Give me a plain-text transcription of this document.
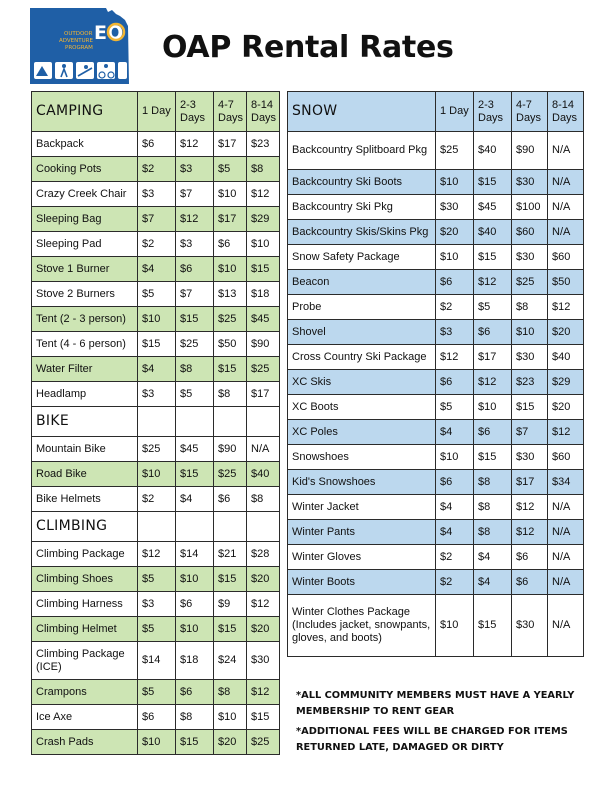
EO
OUTDOOR
ADVENTURE
PROGRAM OAP Rental Rates
CAMPING	1 Day	2-3 Days	4-7 Days	8-14 Days
Backpack	$6	$12	$17	$23
Cooking Pots	$2	$3	$5	$8
Crazy Creek Chair	$3	$7	$10	$12
Sleeping Bag	$7	$12	$17	$29
Sleeping Pad	$2	$3	$6	$10
Stove 1 Burner	$4	$6	$10	$15
Stove 2 Burners	$5	$7	$13	$18
Tent (2 - 3 person)	$10	$15	$25	$45
Tent (4 - 6 person)	$15	$25	$50	$90
Water Filter	$4	$8	$15	$25
Headlamp	$3	$5	$8	$17
BIKE				
Mountain Bike	$25	$45	$90	N/A
Road Bike	$10	$15	$25	$40
Bike Helmets	$2	$4	$6	$8
CLIMBING				
Climbing Package	$12	$14	$21	$28
Climbing Shoes	$5	$10	$15	$20
Climbing Harness	$3	$6	$9	$12
Climbing Helmet	$5	$10	$15	$20
Climbing Package (ICE)	$14	$18	$24	$30
Crampons	$5	$6	$8	$12
Ice Axe	$6	$8	$10	$15
Crash Pads	$10	$15	$20	$25
SNOW	1 Day	2-3 Days	4-7 Days	8-14 Days
Backcountry Splitboard Pkg	$25	$40	$90	N/A
Backcountry Ski Boots	$10	$15	$30	N/A
Backcountry Ski Pkg	$30	$45	$100	N/A
Backcountry Skis/Skins Pkg	$20	$40	$60	N/A
Snow Safety Package	$10	$15	$30	$60
Beacon	$6	$12	$25	$50
Probe	$2	$5	$8	$12
Shovel	$3	$6	$10	$20
Cross Country Ski Package	$12	$17	$30	$40
XC Skis	$6	$12	$23	$29
XC Boots	$5	$10	$15	$20
XC Poles	$4	$6	$7	$12
Snowshoes	$10	$15	$30	$60
Kid's Snowshoes	$6	$8	$17	$34
Winter Jacket	$4	$8	$12	N/A
Winter Pants	$4	$8	$12	N/A
Winter Gloves	$2	$4	$6	N/A
Winter Boots	$2	$4	$6	N/A
Winter Clothes Package (Includes jacket, snowpants, gloves, and boots)	$10	$15	$30	N/A

*ALL COMMUNITY MEMBERS MUST HAVE A YEARLY MEMBERSHIP TO RENT GEAR

*ADDITIONAL FEES WILL BE CHARGED FOR ITEMS RETURNED LATE, DAMAGED OR DIRTY
